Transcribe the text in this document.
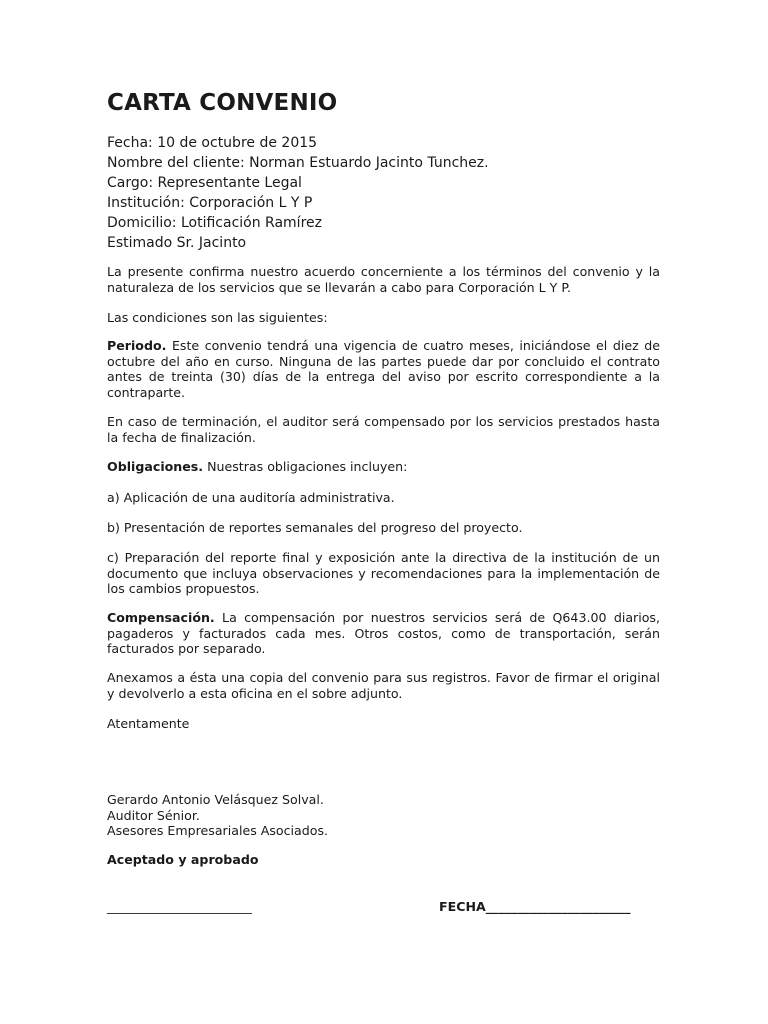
CARTA CONVENIO
Fecha: 10 de octubre de 2015
Nombre del cliente: Norman Estuardo Jacinto Tunchez.
Cargo: Representante Legal
Institución: Corporación L Y P
Domicilio: Lotificación Ramírez
Estimado Sr. Jacinto
La presente confirma nuestro acuerdo concerniente a los términos del convenio y la naturaleza de los servicios que se llevarán a cabo para Corporación L Y P.
Las condiciones son las siguientes:
Periodo. Este convenio tendrá una vigencia de cuatro meses, iniciándose el diez de octubre del año en curso. Ninguna de las partes puede dar por concluido el contrato antes de treinta (30) días de la entrega del aviso por escrito correspondiente a la contraparte.
En caso de terminación, el auditor será compensado por los servicios prestados hasta la fecha de finalización.
Obligaciones. Nuestras obligaciones incluyen:
a) Aplicación de una auditoría administrativa.
b) Presentación de reportes semanales del progreso del proyecto.
c) Preparación del reporte final y exposición ante la directiva de la institución de un documento que incluya observaciones y recomendaciones para la implementación de los cambios propuestos.
Compensación. La compensación por nuestros servicios será de Q643.00 diarios, pagaderos y facturados cada mes. Otros costos, como de transportación, serán facturados por separado.
Anexamos a ésta una copia del convenio para sus registros. Favor de firmar el original y devolverlo a esta oficina en el sobre adjunto.
Atentamente
Gerardo Antonio Velásquez Solval.
Auditor Sénior.
Asesores Empresariales Asociados.
Aceptado y aprobado
_______________________	FECHA_______________________
